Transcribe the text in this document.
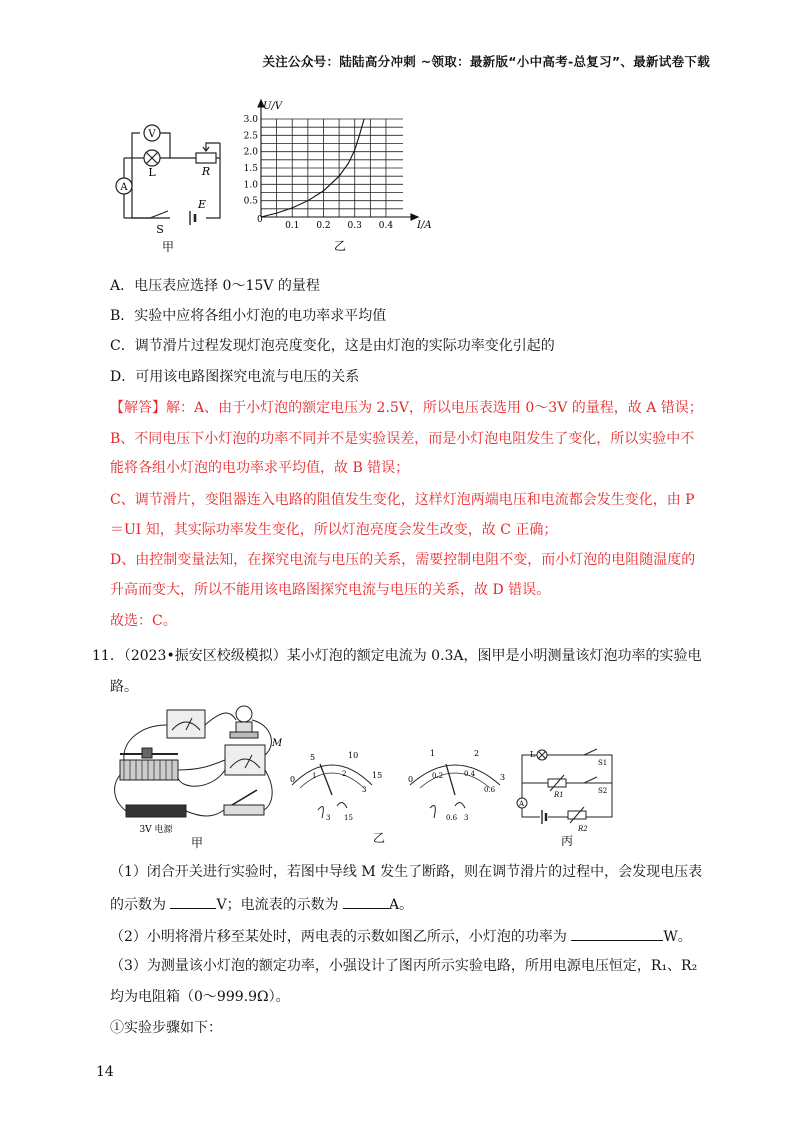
关注公众号：陆陆高分冲刺 ~领取：最新版“小中高考-总复习”、最新试卷下载
V
A
L	R
S
E
甲
0.5
1.0
1.5
2.0
2.5
3.0
0.1 0.2 0.3 0.4
U/V
I/A
0
乙
A．电压表应选择 0～15V 的量程
B．实验中应将各组小灯泡的电功率求平均值
C．调节滑片过程发现灯泡亮度变化，这是由灯泡的实际功率变化引起的
D．可用该电路图探究电流与电压的关系
【解答】解：A、由于小灯泡的额定电压为 2.5V，所以电压表选用 0～3V 的量程，故 A 错误；
B、不同电压下小灯泡的功率不同并不是实验误差，而是小灯泡电阻发生了变化，所以实验中不
能将各组小灯泡的电功率求平均值，故 B 错误；
C、调节滑片，变阻器连入电路的阻值发生变化，这样灯泡两端电压和电流都会发生变化，由 P
＝UI 知，其实际功率发生变化，所以灯泡亮度会发生改变，故 C 正确；
D、由控制变量法知，在探究电流与电压的关系，需要控制电阻不变，而小灯泡的电阻随温度的
升高而变大，所以不能用该电路图探究电流与电压的关系，故 D 错误。
故选：C。
11．（2023•振安区校级模拟）某小灯泡的额定电流为 0.3A，图甲是小明测量该灯泡功率的实验电
路。
3V 电源
M
甲
0
5	10
15
1	2
3
3 15
0
1	2
3
0.2	0.4
0.6
0.6 3
乙
L
S1
S2
R1
R2
A
丙
（1）闭合开关进行实验时，若图中导线 M 发生了断路，则在调节滑片的过程中，会发现电压表
的示数为	V；电流表的示数为	A。
（2）小明将滑片移至某处时，两电表的示数如图乙所示，小灯泡的功率为	W。
（3）为测量该小灯泡的额定功率，小强设计了图丙所示实验电路，所用电源电压恒定，R₁、R₂
均为电阻箱（0～999.9Ω）。
①实验步骤如下：
14
